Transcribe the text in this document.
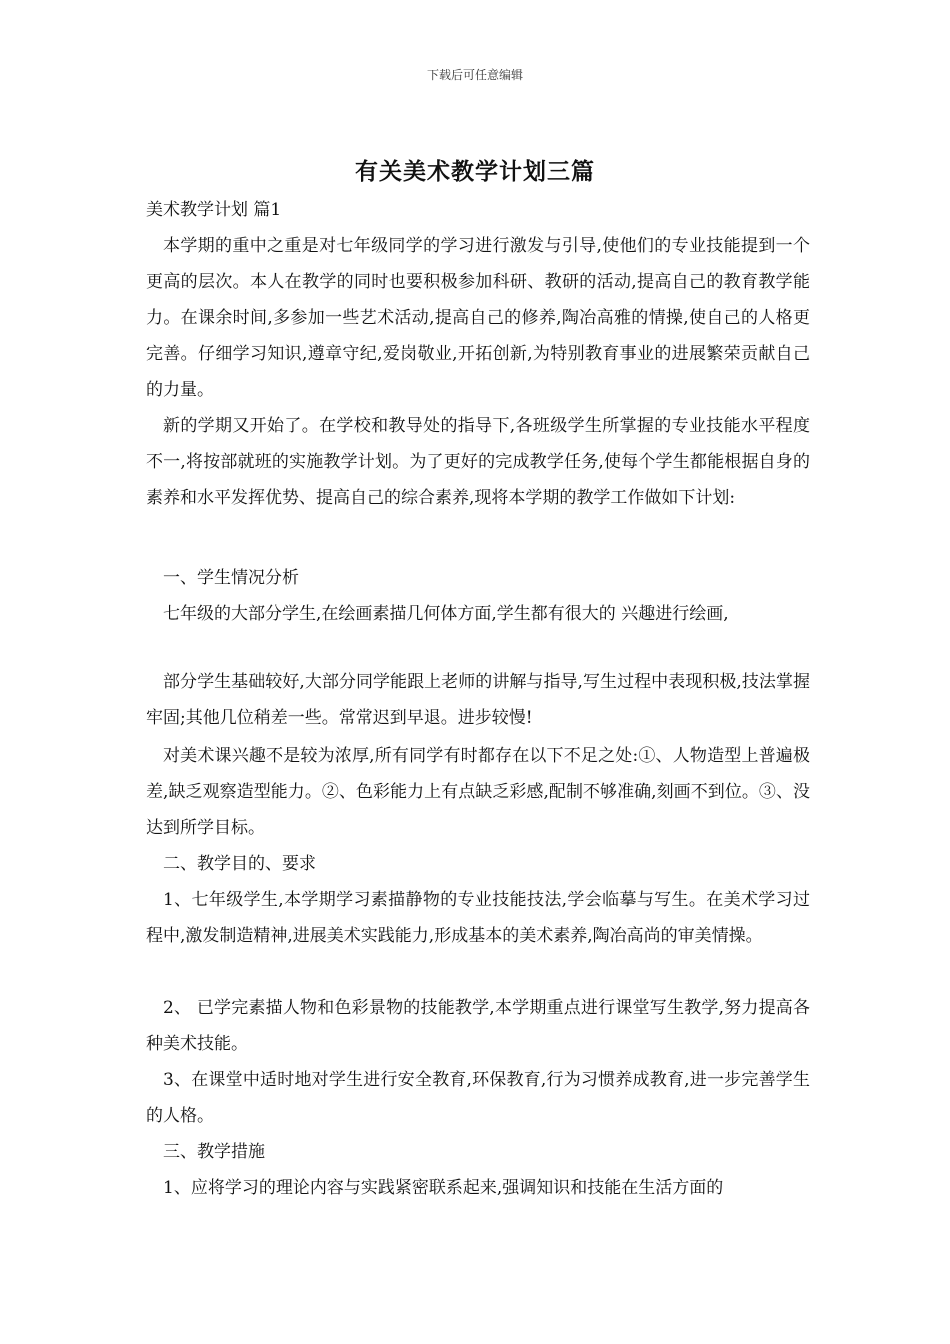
下载后可任意编辑
有关美术教学计划三篇
美术教学计划 篇1
本学期的重中之重是对七年级同学的学习进行激发与引导,使他们的专业技能提到一个更高的层次。本人在教学的同时也要积极参加科研、教研的活动,提高自己的教育教学能力。在课余时间,多参加一些艺术活动,提高自己的修养,陶冶高雅的情操,使自己的人格更完善。仔细学习知识,遵章守纪,爱岗敬业,开拓创新,为特别教育事业的进展繁荣贡献自己的力量。
新的学期又开始了。在学校和教导处的指导下,各班级学生所掌握的专业技能水平程度不一,将按部就班的实施教学计划。为了更好的完成教学任务,使每个学生都能根据自身的素养和水平发挥优势、提高自己的综合素养,现将本学期的教学工作做如下计划:
一、学生情况分析
七年级的大部分学生,在绘画素描几何体方面,学生都有很大的 兴趣进行绘画,
部分学生基础较好,大部分同学能跟上老师的讲解与指导,写生过程中表现积极,技法掌握牢固;其他几位稍差一些。常常迟到早退。进步较慢!
对美术课兴趣不是较为浓厚,所有同学有时都存在以下不足之处:①、人物造型上普遍极差,缺乏观察造型能力。②、色彩能力上有点缺乏彩感,配制不够准确,刻画不到位。③、没达到所学目标。
二、教学目的、要求
1、七年级学生,本学期学习素描静物的专业技能技法,学会临摹与写生。在美术学习过程中,激发制造精神,进展美术实践能力,形成基本的美术素养,陶冶高尚的审美情操。
2、 已学完素描人物和色彩景物的技能教学,本学期重点进行课堂写生教学,努力提高各种美术技能。
3、在课堂中适时地对学生进行安全教育,环保教育,行为习惯养成教育,进一步完善学生的人格。
三、教学措施
1、应将学习的理论内容与实践紧密联系起来,强调知识和技能在生活方面的
